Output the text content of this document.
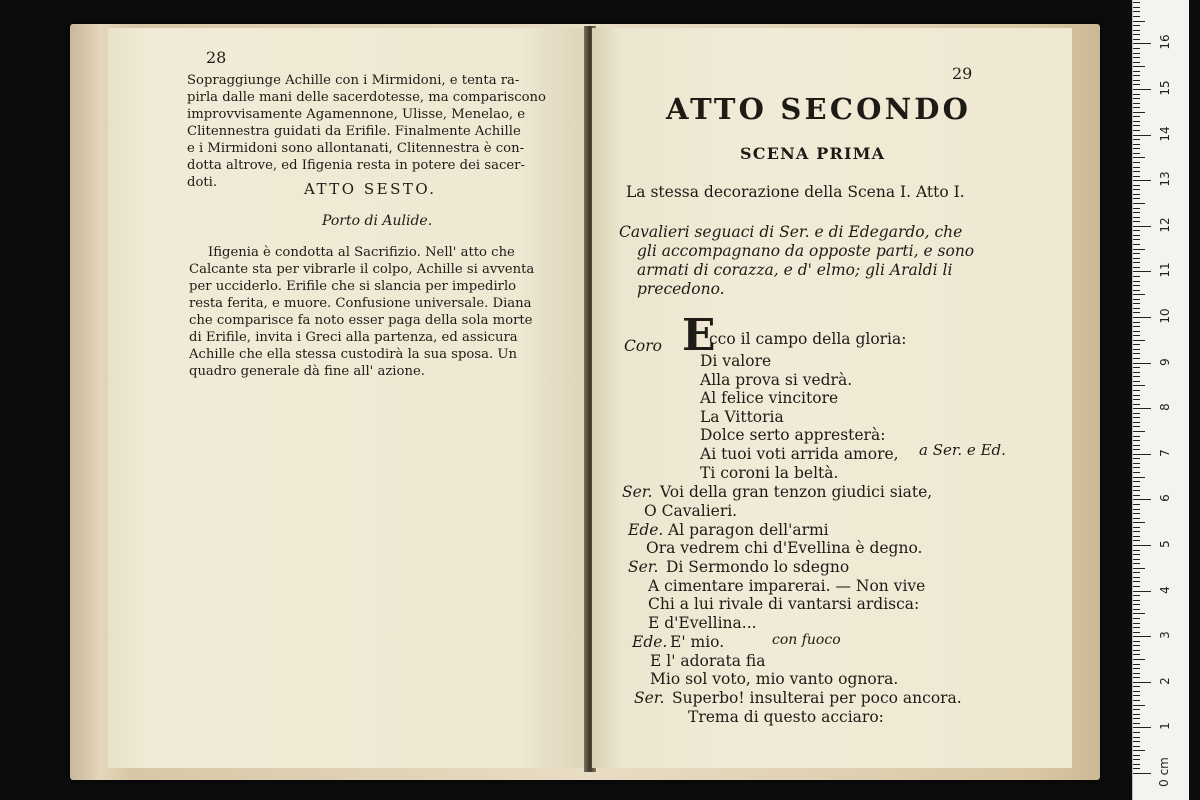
28
Sopraggiunge Achille con i Mirmidoni, e tenta ra-
pirla dalle mani delle sacerdotesse, ma compariscono
improvvisamente Agamennone, Ulisse, Menelao, e
Clitennestra guidati da Erifile. Finalmente Achille
e i Mirmidoni sono allontanati, Clitennestra è con-
dotta altrove, ed Ifigenia resta in potere dei sacer-
doti.	ATTO SESTO.
Porto di Aulide.
Ifigenia è condotta al Sacrifizio. Nell' atto che
Calcante sta per vibrarle il colpo, Achille si avventa
per ucciderlo. Erifile che si slancia per impedirlo
resta ferita, e muore. Confusione universale. Diana
che comparisce fa noto esser paga della sola morte
di Erifile, invita i Greci alla partenza, ed assicura
Achille che ella stessa custodirà la sua sposa. Un
quadro generale dà fine all' azione.
29
ATTO SECONDO
SCENA PRIMA
La stessa decorazione della Scena I. Atto I.
Cavalieri seguaci di Ser. e di Edegardo, che
gli accompagnano da opposte parti, e sono
armati di corazza, e d' elmo; gli Araldi li
precedono.
Coro E
cco il campo della gloria:
Di valore
Alla prova si vedrà.
Al felice vincitore
La Vittoria
Dolce serto appresterà:
Ai tuoi voti arrida amore, a Ser. e Ed.
Ti coroni la beltà.
Ser. Voi della gran tenzon giudici siate,
O Cavalieri.
Ede. Al paragon dell'armi
Ora vedrem chi d'Evellina è degno.
Ser. Di Sermondo lo sdegno
A cimentare imparerai. — Non vive
Chi a lui rivale di vantarsi ardisca:
E d'Evellina...
Ede. E' mio.	con fuoco
E l' adorata fia
Mio sol voto, mio vanto ognora.
Ser. Superbo! insulterai per poco ancora.
Trema di questo acciaro:
0 cm
1
2
3
4
5
6
7
8
9
10
11
12
13
14
15
16
